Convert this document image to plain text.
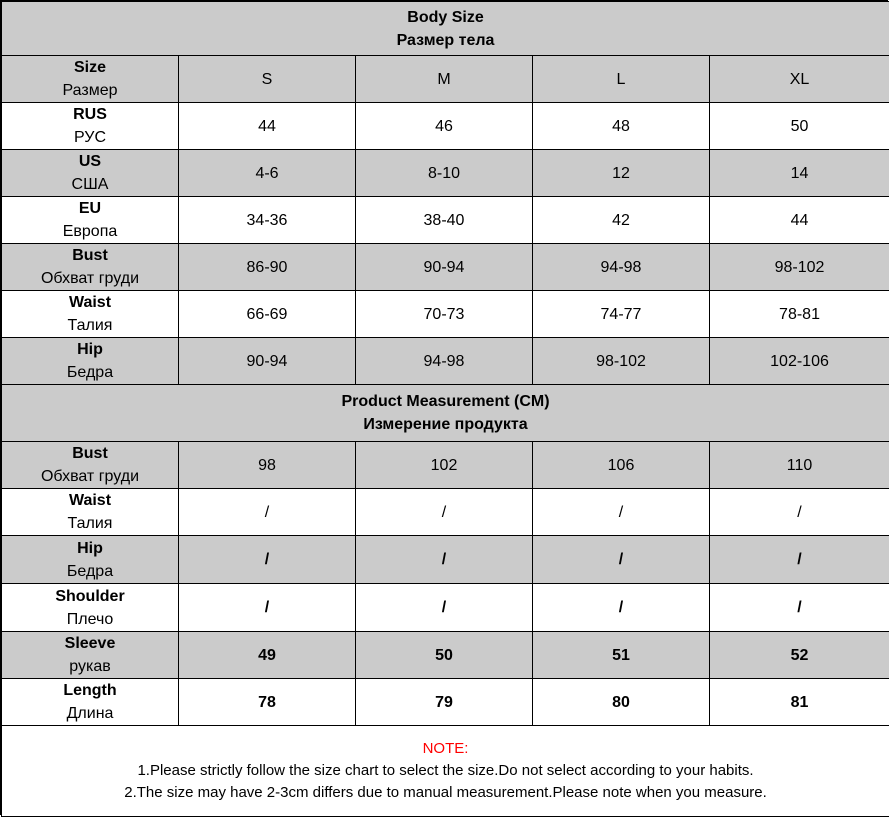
Body Size
Размер тела				

Size
Размер	S	M	L	XL

RUS
РУС	44	46	48	50

US
США	4-6	8-10	12	14

EU
Европа	34-36	38-40	42	44

Bust
Обхват груди	86-90	90-94	94-98	98-102

Waist
Талия	66-69	70-73	74-77	78-81

Hip
Бедра	90-94	94-98	98-102	102-106

Product Measurement (CM)
Измерение продукта				

Bust
Обхват груди	98	102	106	110

Waist
Талия	/	/	/	/

Hip
Бедра	/	/	/	/

Shoulder
Плечо	/	/	/	/

Sleeve
рукав	49	50	51	52

Length
Длина	78	79	80	81

NOTE:
1.Please strictly follow the size chart to select the size.Do not select according to your habits.
2.The size may have 2-3cm differs due to manual measurement.Please note when you measure.				
